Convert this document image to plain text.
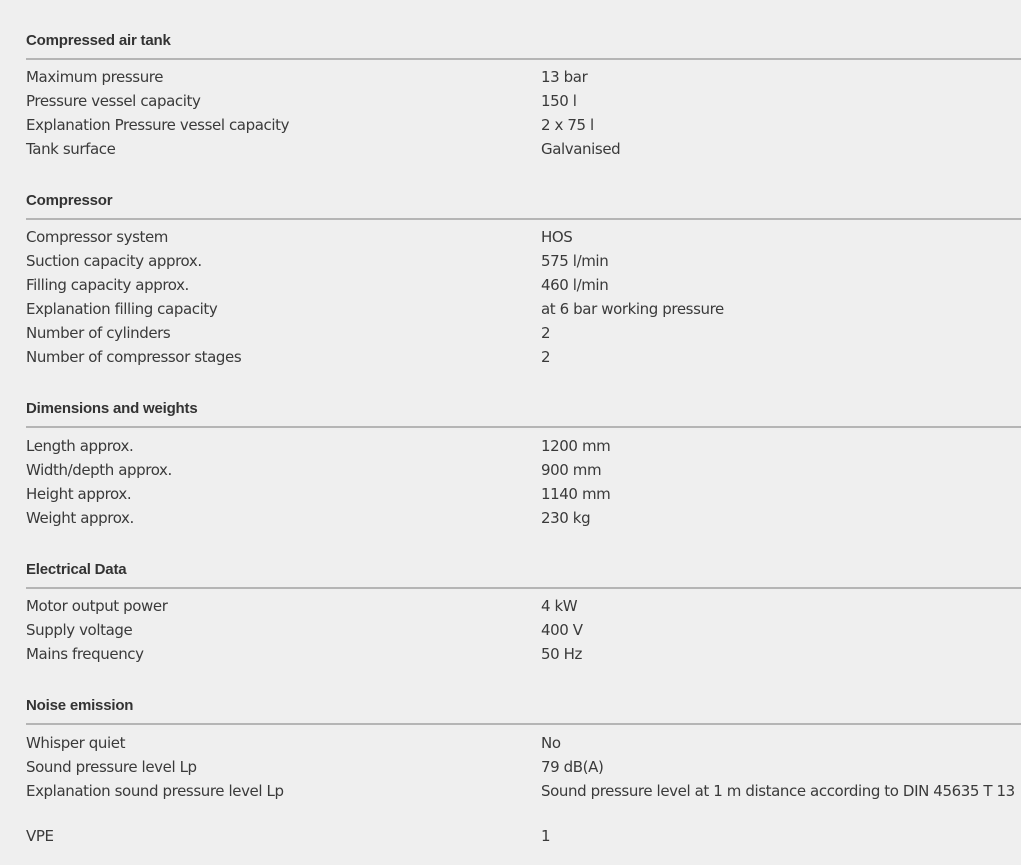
Compressed air tank
Maximum pressure	13 bar
Pressure vessel capacity	150 l
Explanation Pressure vessel capacity	2 x 75 l
Tank surface	Galvanised
Compressor
Compressor system	HOS
Suction capacity approx.	575 l/min
Filling capacity approx.	460 l/min
Explanation filling capacity	at 6 bar working pressure
Number of cylinders	2
Number of compressor stages	2
Dimensions and weights
Length approx.	1200 mm
Width/depth approx.	900 mm
Height approx.	1140 mm
Weight approx.	230 kg
Electrical Data
Motor output power	4 kW
Supply voltage	400 V
Mains frequency	50 Hz
Noise emission
Whisper quiet	No
Sound pressure level Lp	79 dB(A)
Explanation sound pressure level Lp	Sound pressure level at 1 m distance according to DIN 45635 T 13
VPE	1
